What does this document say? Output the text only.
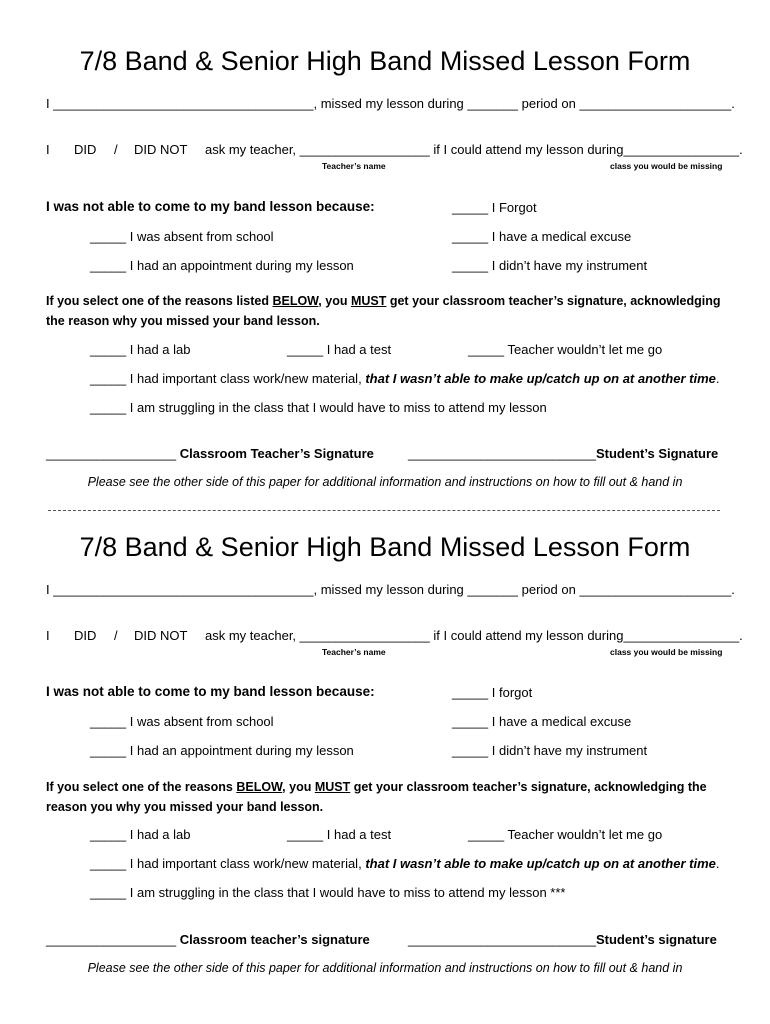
7/8 Band & Senior High Band Missed Lesson Form
I ____________________________________, missed my lesson during _______ period on _____________________.
I DID / DID NOT ask my teacher, __________________ if I could attend my lesson during________________.
Teacher’s name	class you would be missing
I was not able to come to my band lesson because:	_____ I Forgot
_____ I was absent from school	_____ I have a medical excuse
_____ I had an appointment during my lesson	_____ I didn’t have my instrument
If you select one of the reasons listed BELOW, you MUST get your classroom teacher’s signature, acknowledging the reason why you missed your band lesson.
_____ I had a lab	_____ I had a test	_____ Teacher wouldn’t let me go
_____ I had important class work/new material, that I wasn’t able to make up/catch up on at another time.
_____ I am struggling in the class that I would have to miss to attend my lesson
__________________ Classroom Teacher’s Signature	__________________________Student’s Signature
Please see the other side of this paper for additional information and instructions on how to fill out & hand in
7/8 Band & Senior High Band Missed Lesson Form
I ____________________________________, missed my lesson during _______ period on _____________________.
I DID / DID NOT ask my teacher, __________________ if I could attend my lesson during________________.
Teacher’s name	class you would be missing
I was not able to come to my band lesson because:	_____ I forgot
_____ I was absent from school	_____ I have a medical excuse
_____ I had an appointment during my lesson	_____ I didn’t have my instrument
If you select one of the reasons BELOW, you MUST get your classroom teacher’s signature, acknowledging the reason you why you missed your band lesson.
_____ I had a lab	_____ I had a test	_____ Teacher wouldn’t let me go
_____ I had important class work/new material, that I wasn’t able to make up/catch up on at another time.
_____ I am struggling in the class that I would have to miss to attend my lesson ***
__________________ Classroom teacher’s signature	__________________________Student’s signature
Please see the other side of this paper for additional information and instructions on how to fill out & hand in
